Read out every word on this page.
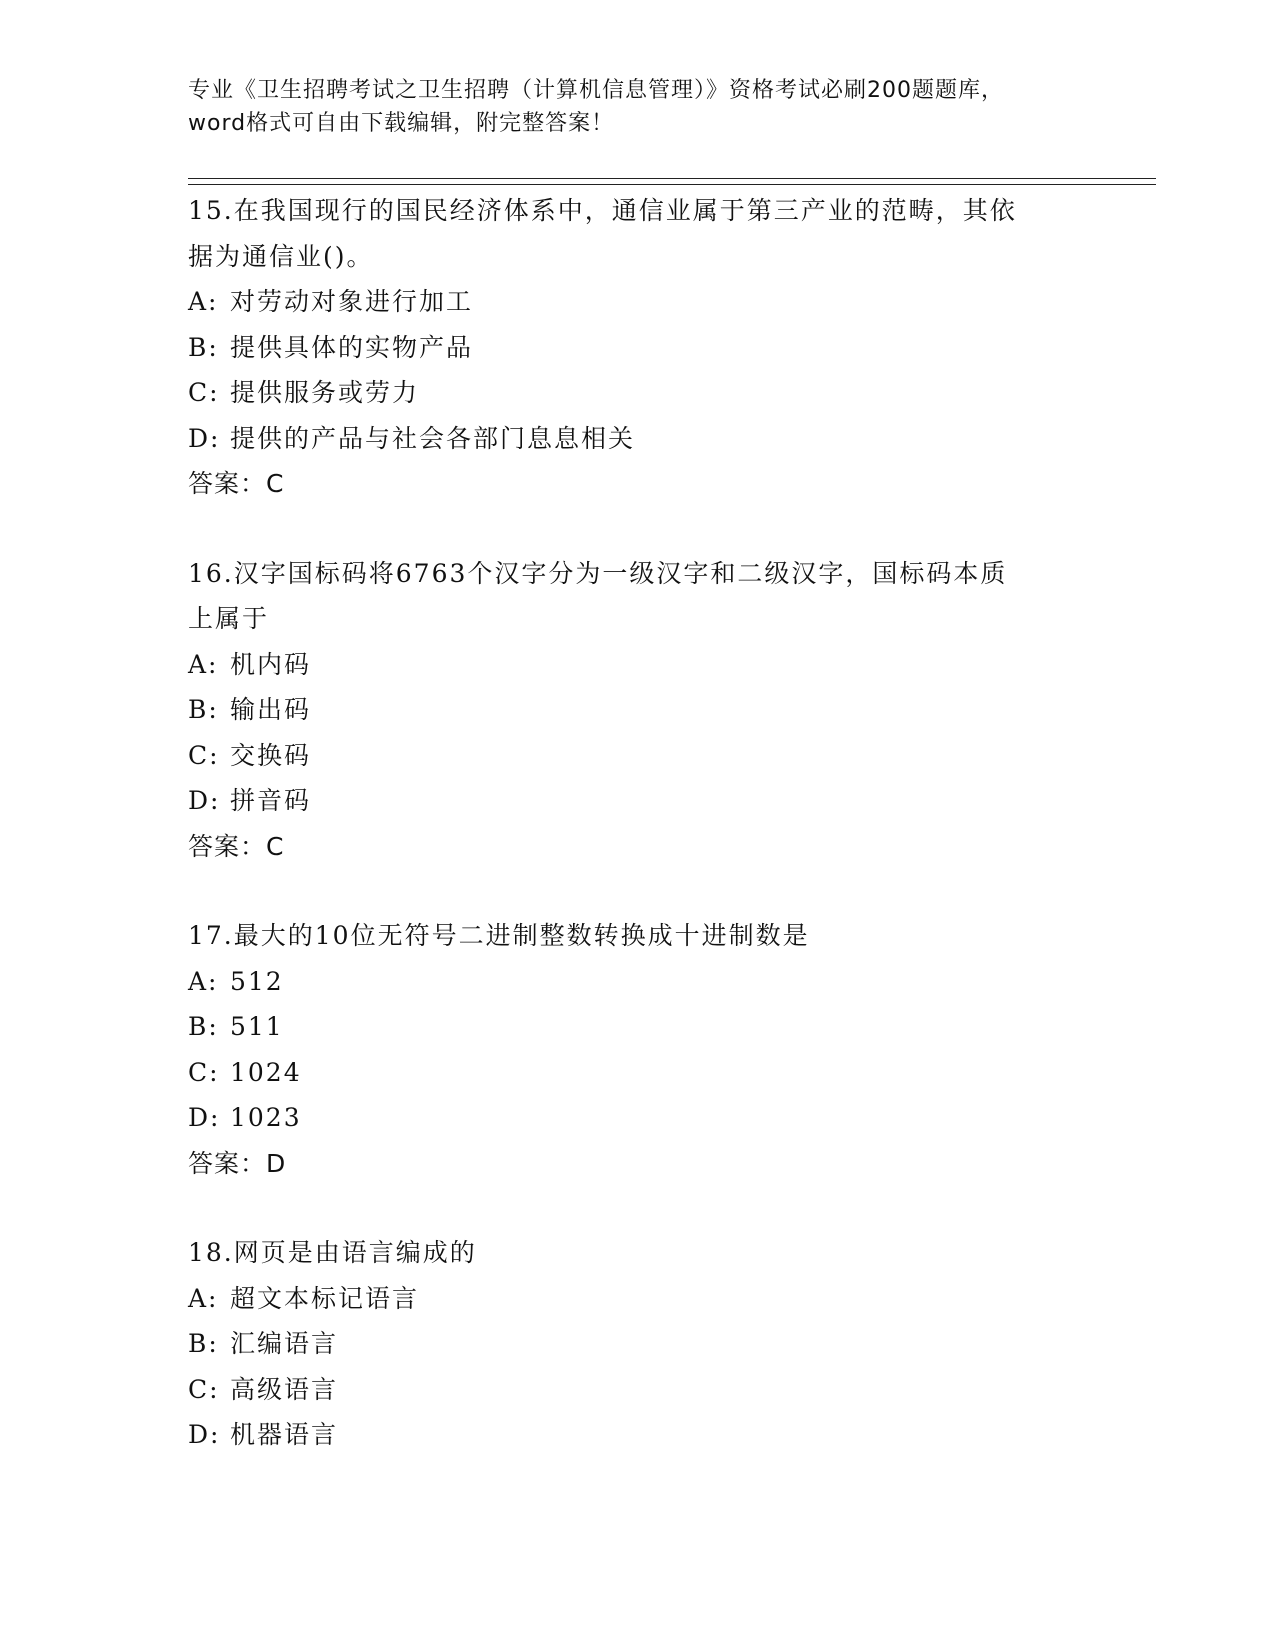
专业《卫生招聘考试之卫生招聘（计算机信息管理）》资格考试必刷200题题库，
word格式可自由下载编辑，附完整答案！
15.在我国现行的国民经济体系中，通信业属于第三产业的范畴，其依
据为通信业()。
A: 对劳动对象进行加工
B: 提供具体的实物产品
C: 提供服务或劳力
D: 提供的产品与社会各部门息息相关
答案：C
16.汉字国标码将6763个汉字分为一级汉字和二级汉字，国标码本质
上属于
A: 机内码
B: 输出码
C: 交换码
D: 拼音码
答案：C
17.最大的10位无符号二进制整数转换成十进制数是
A: 512
B: 511
C: 1024
D: 1023
答案：D
18.网页是由语言编成的
A: 超文本标记语言
B: 汇编语言
C: 高级语言
D: 机器语言
